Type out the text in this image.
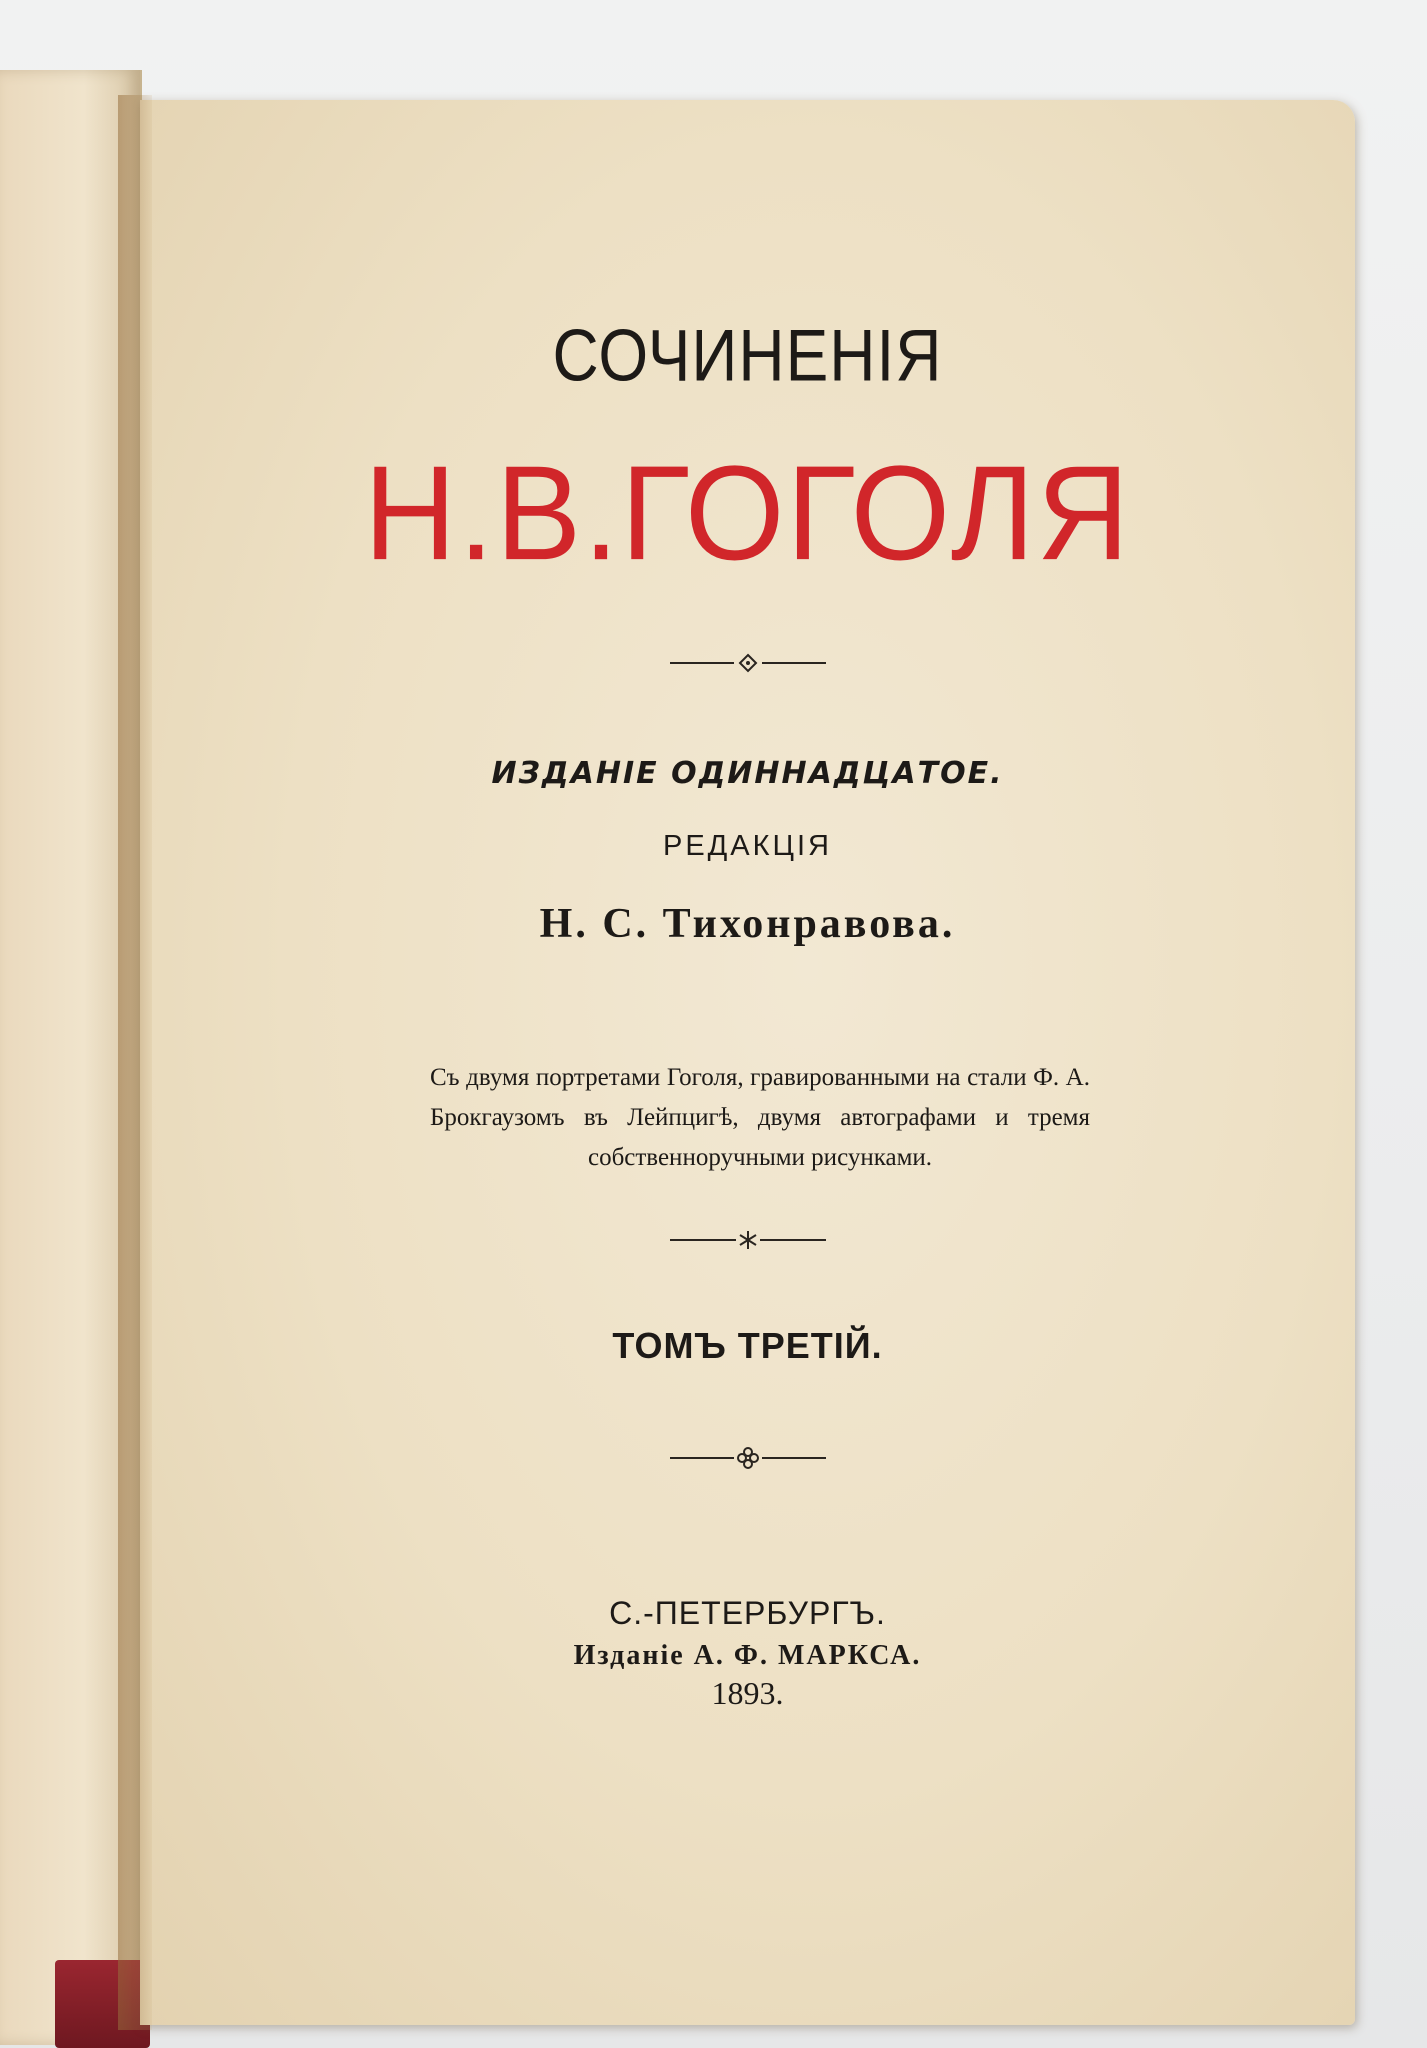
СОЧИНЕНІЯ
Н.В.ГОГОЛЯ
ИЗДАНІЕ ОДИННАДЦАТОЕ.
РЕДАКЦІЯ
Н. С. Тихонравова.
Съ двумя портретами Гоголя, гравированными на стали Ф. А. Брокгаузомъ въ Лейпцигѣ, двумя автографами и тремя собственноручными рисунками.
ТОМЪ ТРЕТІЙ.
С.-ПЕТЕРБУРГЪ.
Изданіе А. Ф. МАРКСА.
1893.
